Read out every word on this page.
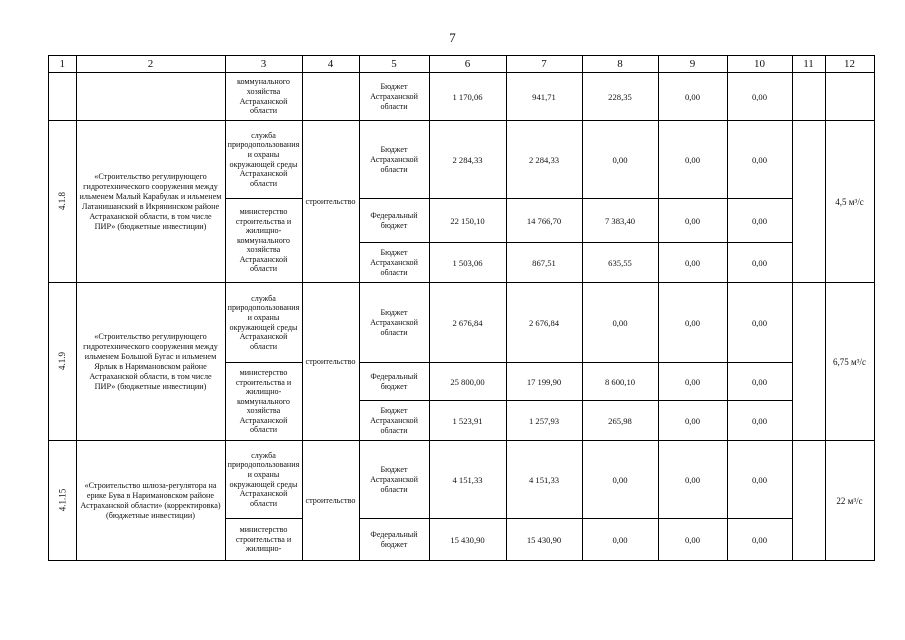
7
1	2	3	4	5	6	7	8	9	10	11	12
		коммунального хозяйства Астраханской области		Бюджет Астраханской области	1 170,06	941,71	228,35	0,00	0,00		
4.1.8	«Строительство регулирующего гидротехнического сооружения между ильменем Малый Карабулак и ильменем Латанишанский в Икрянинском районе Астраханской области, в том числе ПИР» (бюджетные инвестиции)	служба природопользования и охраны окружающей среды Астраханской области	строительство	Бюджет Астраханской области	2 284,33	2 284,33	0,00	0,00	0,00		4,5 м³/с
		министерство строительства и жилищно-коммунального хозяйства Астраханской области		Федеральный бюджет	22 150,10	14 766,70	7 383,40	0,00	0,00		
				Бюджет Астраханской области	1 503,06	867,51	635,55	0,00	0,00		
4.1.9	«Строительство регулирующего гидротехнического сооружения между ильменем Большой Бугас и ильменем Ярлык в Наримановском районе Астраханской области, в том числе ПИР» (бюджетные инвестиции)	служба природопользования и охраны окружающей среды Астраханской области	строительство	Бюджет Астраханской области	2 676,84	2 676,84	0,00	0,00	0,00		6,75 м³/с
		министерство строительства и жилищно-коммунального хозяйства Астраханской области		Федеральный бюджет	25 800,00	17 199,90	8 600,10	0,00	0,00		
				Бюджет Астраханской области	1 523,91	1 257,93	265,98	0,00	0,00		
4.1.15	«Строительство шлюза-регулятора на ерике Бува в Наримановском районе Астраханской области» (корректировка) (бюджетные инвестиции)	служба природопользования и охраны окружающей среды Астраханской области	строительство	Бюджет Астраханской области	4 151,33	4 151,33	0,00	0,00	0,00		22 м³/с
		министерство строительства и жилищно-		Федеральный бюджет	15 430,90	15 430,90	0,00	0,00	0,00		
